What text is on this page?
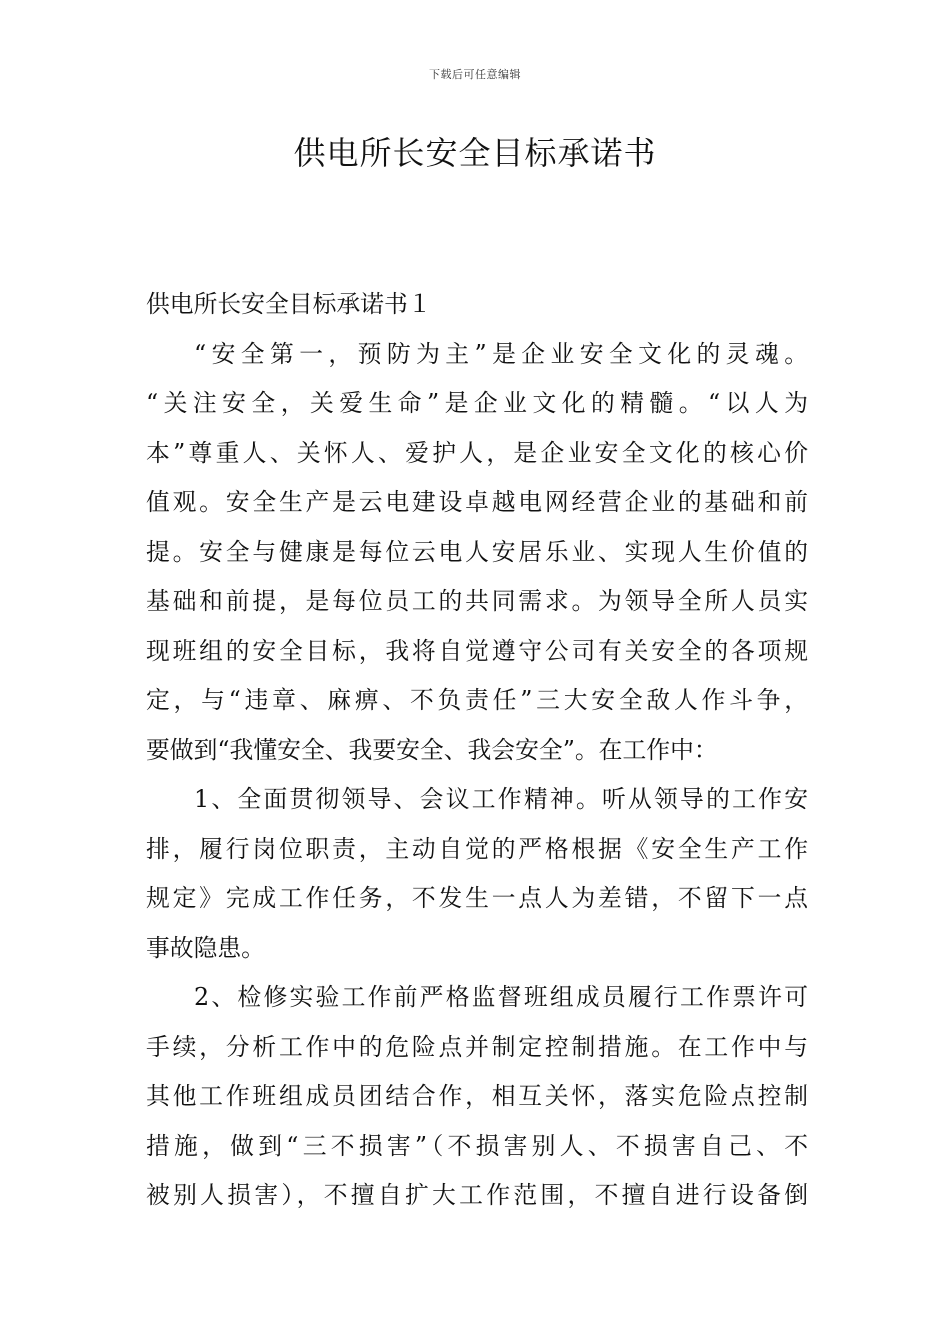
下载后可任意编辑
供电所长安全目标承诺书
供电所长安全目标承诺书１
“安全第一，预防为主”是企业安全文化的灵魂。
“关注安全，关爱生命”是企业文化的精髓。“以人为
本”尊重人、关怀人、爱护人，是企业安全文化的核心价
值观。安全生产是云电建设卓越电网经营企业的基础和前
提。安全与健康是每位云电人安居乐业、实现人生价值的
基础和前提，是每位员工的共同需求。为领导全所人员实
现班组的安全目标，我将自觉遵守公司有关安全的各项规
定，与“违章、麻痹、不负责任”三大安全敌人作斗争，
要做到“我懂安全、我要安全、我会安全”。在工作中：
1、全面贯彻领导、会议工作精神。听从领导的工作安
排，履行岗位职责，主动自觉的严格根据《安全生产工作
规定》完成工作任务，不发生一点人为差错，不留下一点
事故隐患。
2、检修实验工作前严格监督班组成员履行工作票许可
手续，分析工作中的危险点并制定控制措施。在工作中与
其他工作班组成员团结合作，相互关怀，落实危险点控制
措施，做到“三不损害”（不损害别人、不损害自己、不
被别人损害），不擅自扩大工作范围，不擅自进行设备倒
